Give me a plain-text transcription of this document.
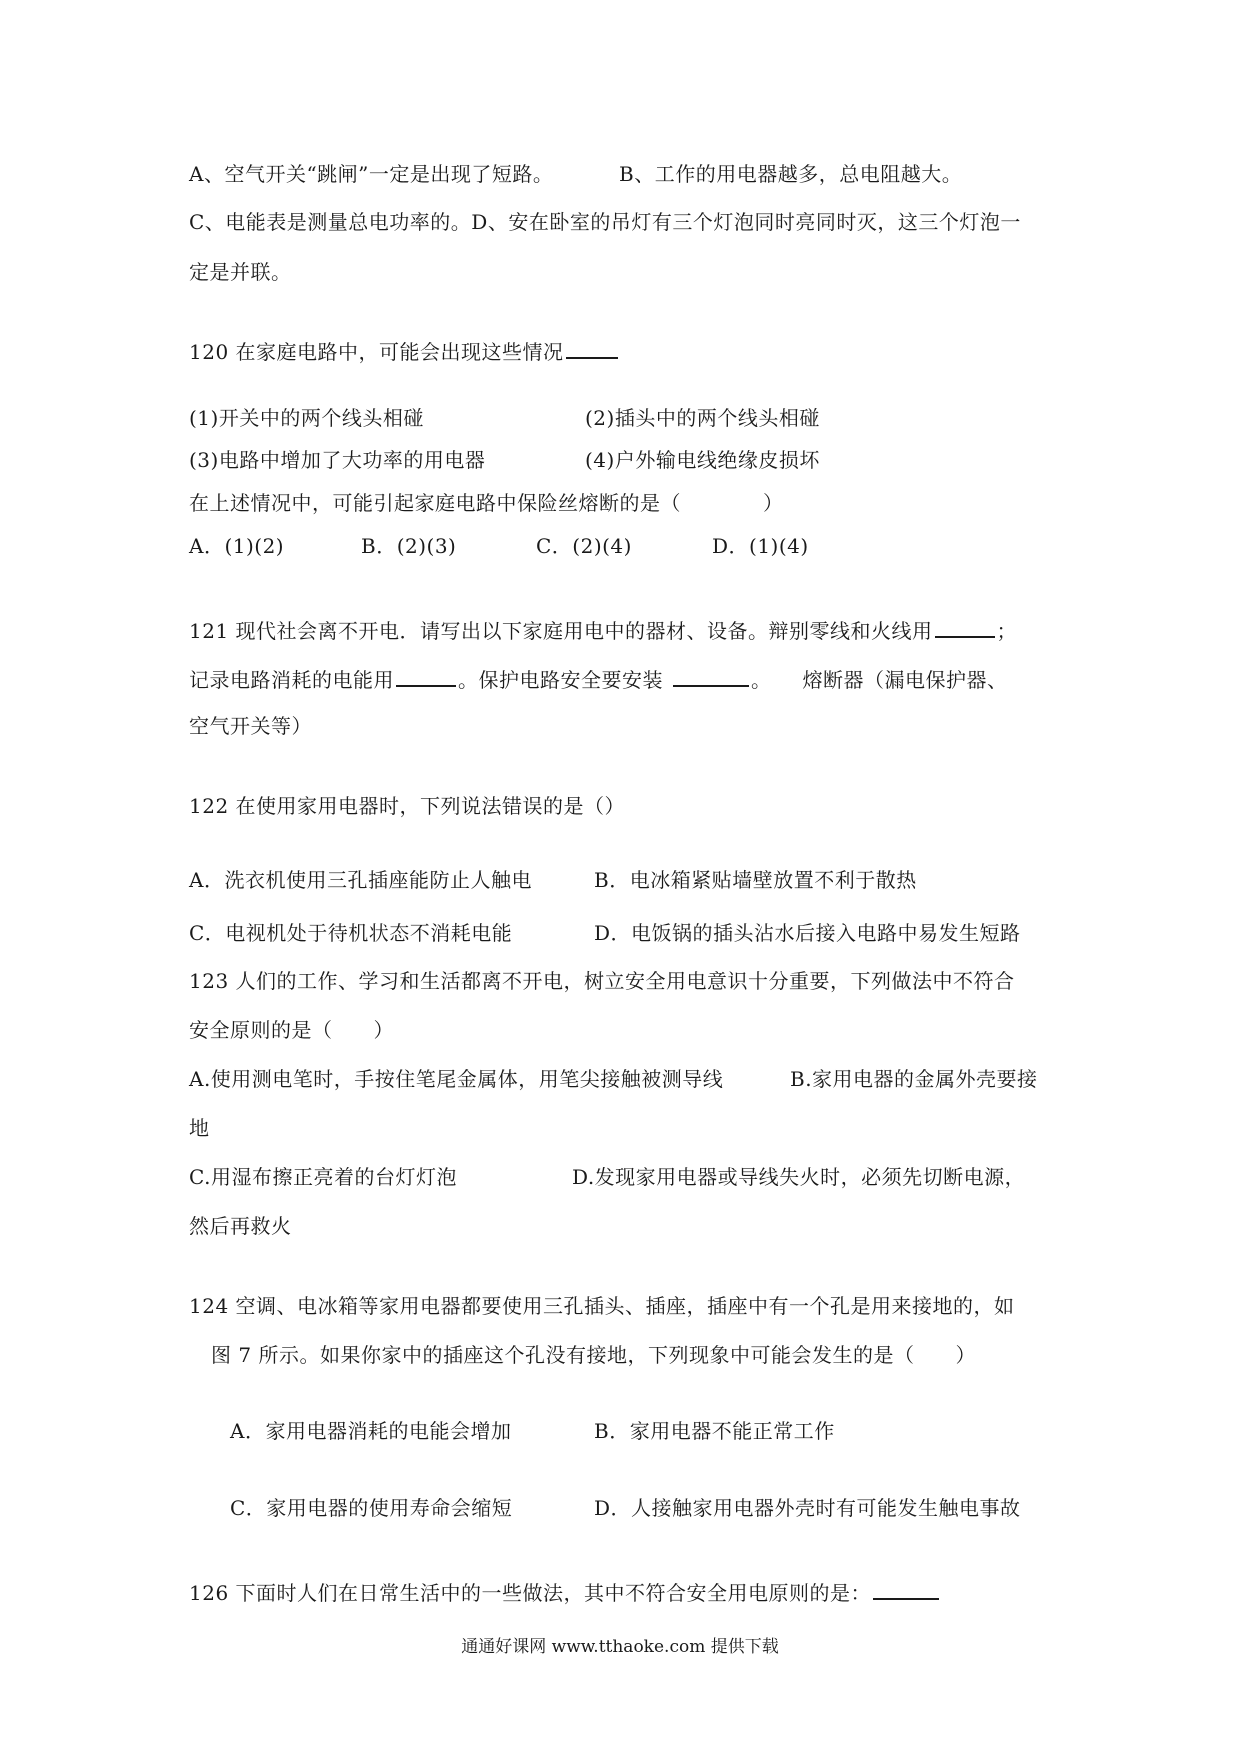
A、空气开关“跳闸”一定是出现了短路。	B、工作的用电器越多，总电阻越大。
C、电能表是测量总电功率的。D、安在卧室的吊灯有三个灯泡同时亮同时灭，这三个灯泡一
定是并联。
120 在家庭电路中，可能会出现这些情况
(1)开关中的两个线头相碰	(2)插头中的两个线头相碰
(3)电路中增加了大功率的用电器	(4)户外输电线绝缘皮损坏
在上述情况中，可能引起家庭电路中保险丝熔断的是（　　　　）
A．(1)(2)	B．(2)(3)	C．(2)(4)	D．(1)(4)
121 现代社会离不开电．请写出以下家庭用电中的器材、设备。辩别零线和火线用	；
记录电路消耗的电能用	。保护电路安全要安装	。　　熔断器（漏电保护器、
空气开关等）
122 在使用家用电器时，下列说法错误的是（）
A．洗衣机使用三孔插座能防止人触电	B．电冰箱紧贴墙壁放置不利于散热
C．电视机处于待机状态不消耗电能	D．电饭锅的插头沾水后接入电路中易发生短路
123 人们的工作、学习和生活都离不开电，树立安全用电意识十分重要，下列做法中不符合
安全原则的是（　　）
A.使用测电笔时，手按住笔尾金属体，用笔尖接触被测导线	B.家用电器的金属外壳要接
地
C.用湿布擦正亮着的台灯灯泡	D.发现家用电器或导线失火时，必须先切断电源，
然后再救火
124 空调、电冰箱等家用电器都要使用三孔插头、插座，插座中有一个孔是用来接地的，如
图 7 所示。如果你家中的插座这个孔没有接地，下列现象中可能会发生的是（　　）
A．家用电器消耗的电能会增加	B．家用电器不能正常工作
C．家用电器的使用寿命会缩短	D．人接触家用电器外壳时有可能发生触电事故
126 下面时人们在日常生活中的一些做法，其中不符合安全用电原则的是：
通通好课网 www.tthaoke.com 提供下载
